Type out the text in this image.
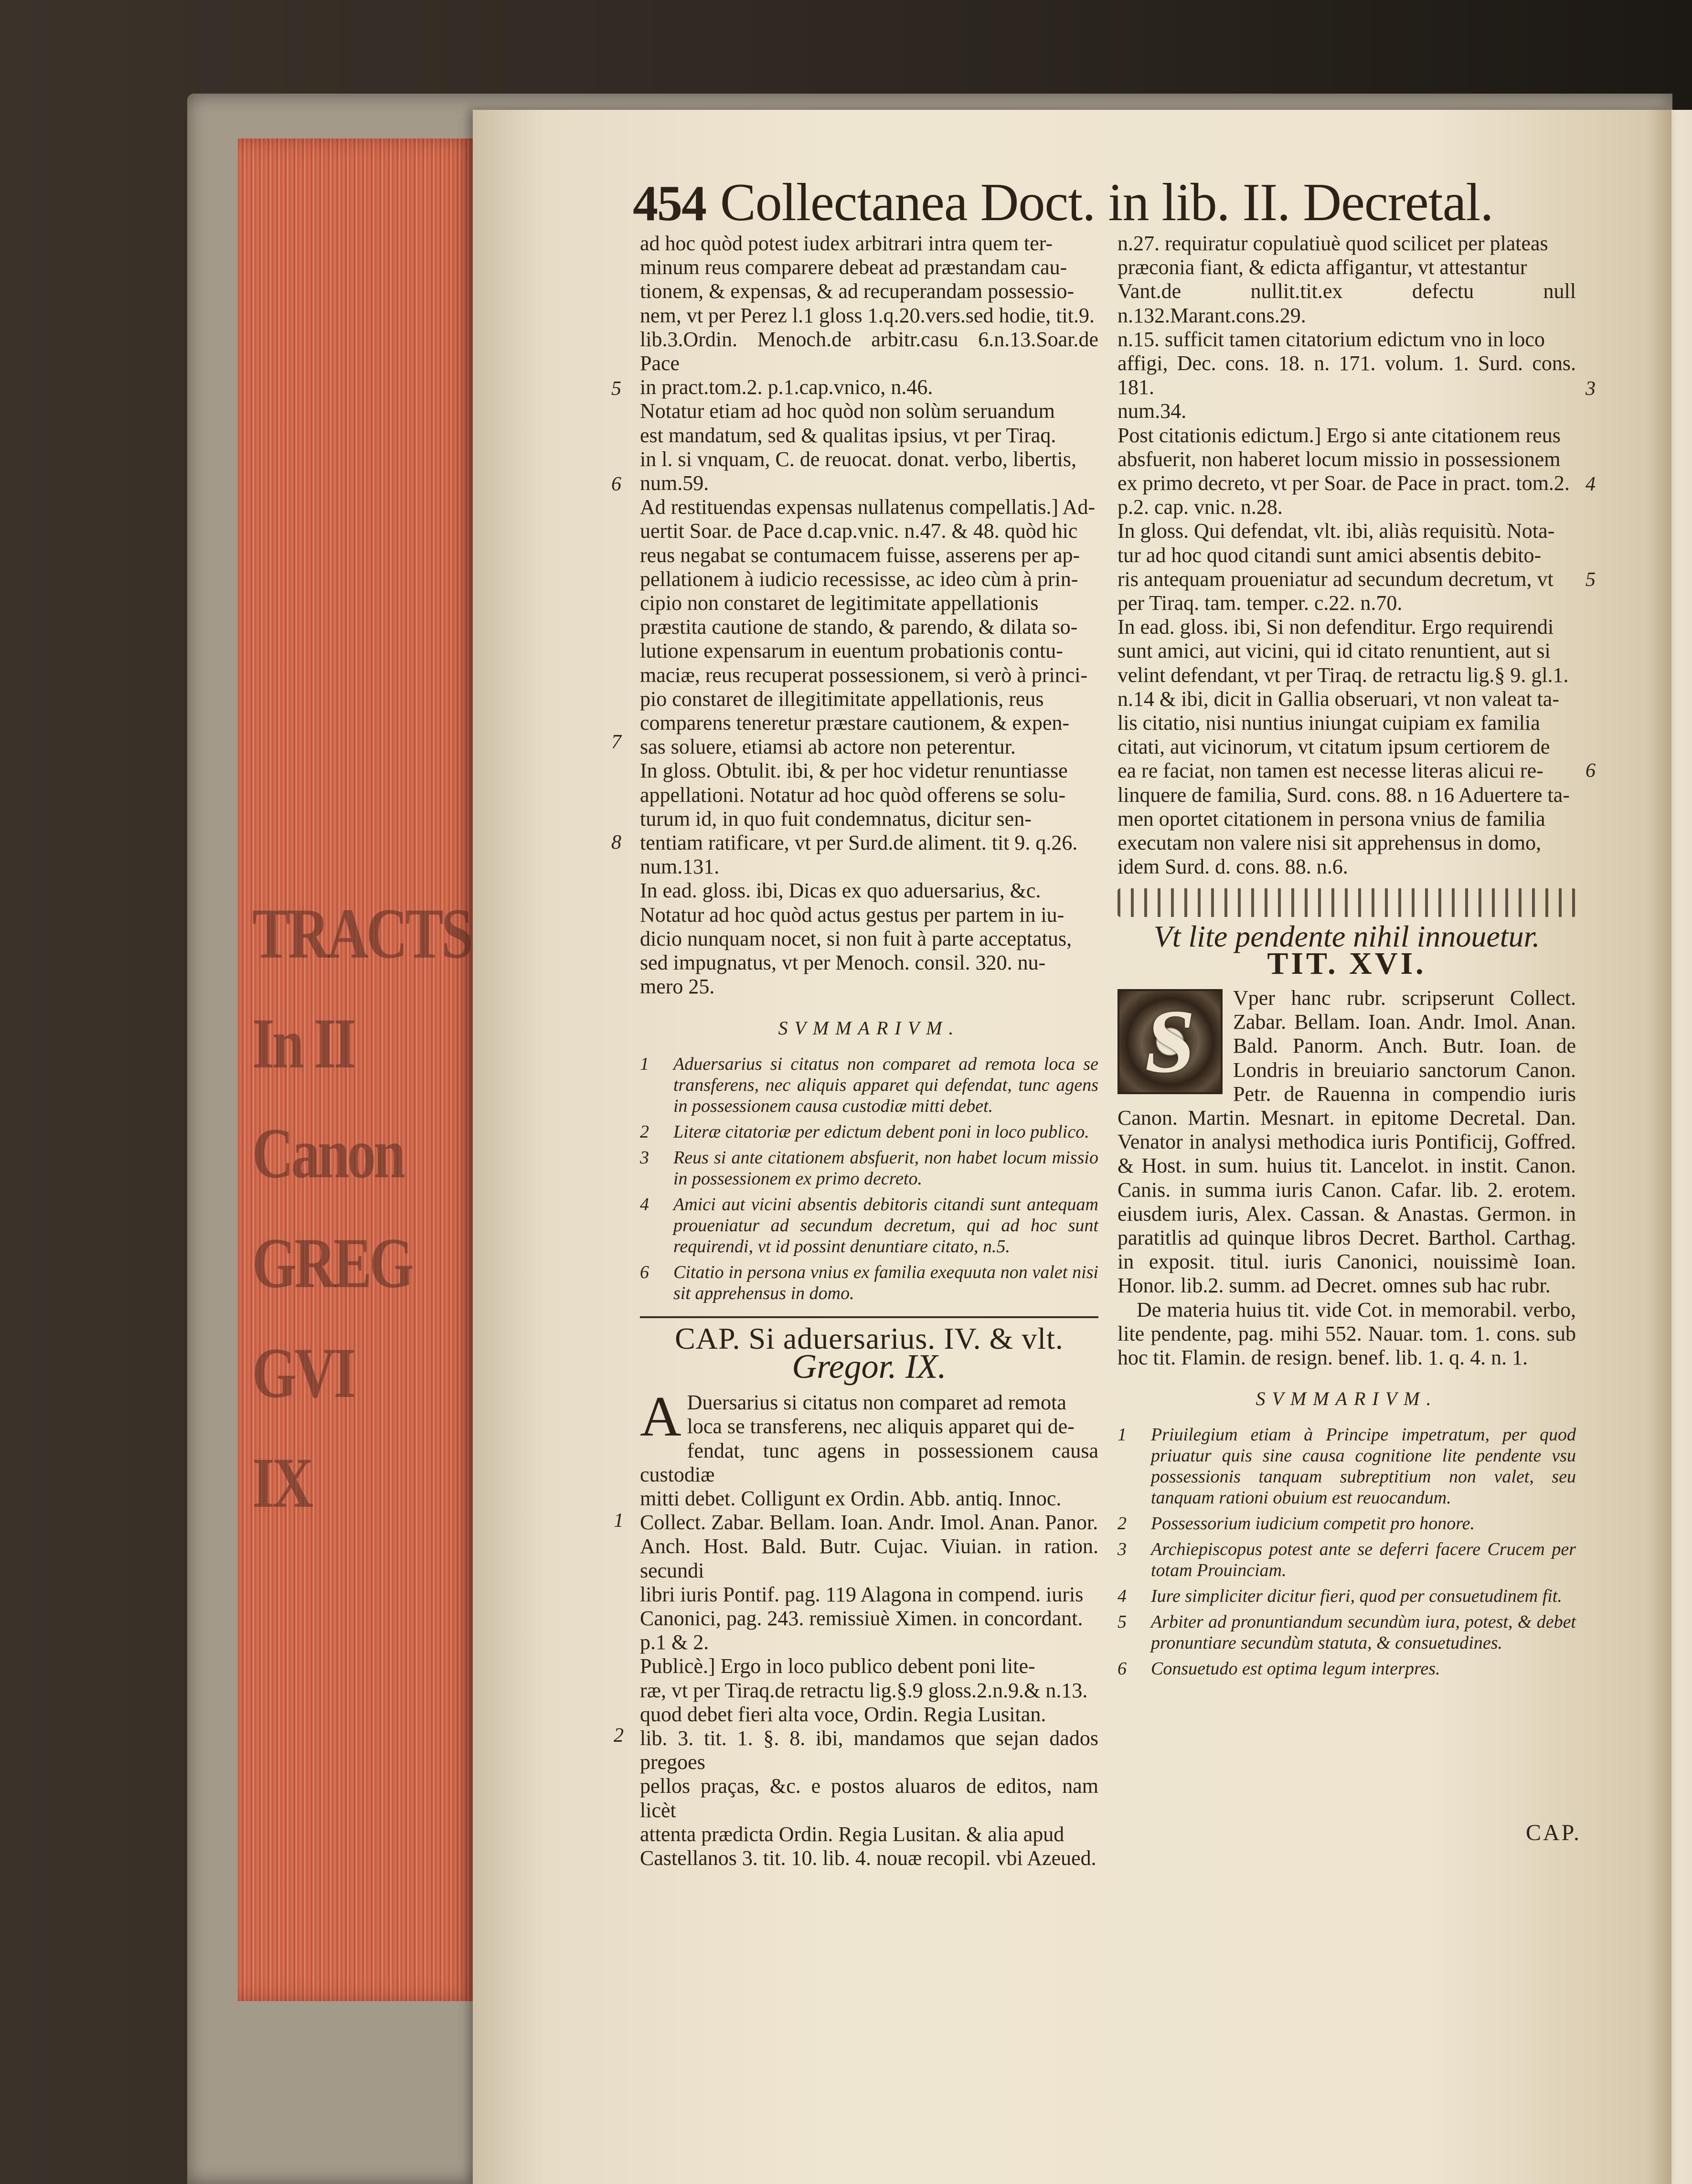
TRACTS
In II
Canon
GREG
GVI
IX
454 Collectanea Doct. in lib. II. Decretal.
ad hoc quòd potest iudex arbitrari intra quem ter-
minum reus comparere debeat ad præstandam cau-
tionem, & expensas, & ad recuperandam possessio-
nem, vt per Perez l.1 gloss 1.q.20.vers.sed hodie, tit.9.
lib.3.Ordin. Menoch.de arbitr.casu 6.n.13.Soar.de Pace
in pract.tom.2. p.1.cap.vnico, n.46.
Notatur etiam ad hoc quòd non solùm seruandum
est mandatum, sed & qualitas ipsius, vt per Tiraq.
in l. si vnquam, C. de reuocat. donat. verbo, libertis,
num.59.
Ad restituendas expensas nullatenus compellatis.] Ad-
uertit Soar. de Pace d.cap.vnic. n.47. & 48. quòd hic
reus negabat se contumacem fuisse, asserens per ap-
pellationem à iudicio recessisse, ac ideo cùm à prin-
cipio non constaret de legitimitate appellationis
præstita cautione de stando, & parendo, & dilata so-
lutione expensarum in euentum probationis contu-
maciæ, reus recuperat possessionem, si verò à princi-
pio constaret de illegitimitate appellationis, reus
comparens teneretur præstare cautionem, & expen-
sas soluere, etiamsi ab actore non peterentur.
In gloss. Obtulit. ibi, & per hoc videtur renuntiasse
appellationi. Notatur ad hoc quòd offerens se solu-
turum id, in quo fuit condemnatus, dicitur sen-
tentiam ratificare, vt per Surd.de aliment. tit 9. q.26.
num.131.
In ead. gloss. ibi, Dicas ex quo aduersarius, &c.
Notatur ad hoc quòd actus gestus per partem in iu-
dicio nunquam nocet, si non fuit à parte acceptatus,
sed impugnatus, vt per Menoch. consil. 320. nu-
mero 25.
SVMMARIVM.
1 Aduersarius si citatus non comparet ad remota loca se transferens, nec aliquis apparet qui defendat, tunc agens in possessionem causa custodiæ mitti debet.
2 Literæ citatoriæ per edictum debent poni in loco publico.
3 Reus si ante citationem absfuerit, non habet locum missio in possessionem ex primo decreto.
4 Amici aut vicini absentis debitoris citandi sunt antequam proueniatur ad secundum decretum, qui ad hoc sunt requirendi, vt id possint denuntiare citato, n.5.
6 Citatio in persona vnius ex familia exequuta non valet nisi sit apprehensus in domo.
CAP. Si aduersarius. IV. & vlt.
Gregor. IX.
A Duersarius si citatus non comparet ad remota
loca se transferens, nec aliquis apparet qui de-
fendat, tunc agens in possessionem causa custodiæ
mitti debet. Colligunt ex Ordin. Abb. antiq. Innoc.
Collect. Zabar. Bellam. Ioan. Andr. Imol. Anan. Panor.
Anch. Host. Bald. Butr. Cujac. Viuian. in ration. secundi
libri iuris Pontif. pag. 119 Alagona in compend. iuris
Canonici, pag. 243. remissiuè Ximen. in concordant.
p.1 & 2.
Publicè.] Ergo in loco publico debent poni lite-
ræ, vt per Tiraq.de retractu lig.§.9 gloss.2.n.9.& n.13.
quod debet fieri alta voce, Ordin. Regia Lusitan.
lib. 3. tit. 1. §. 8. ibi, mandamos que sejan dados pregoes
pellos praças, &c. e postos aluaros de editos, nam licèt
attenta prædicta Ordin. Regia Lusitan. & alia apud
Castellanos 3. tit. 10. lib. 4. nouæ recopil. vbi Azeued.
5
6
7
8
1
2
n.27. requiratur copulatiuè quod scilicet per plateas
præconia fiant, & edicta affigantur, vt attestantur
Vant.de nullit.tit.ex defectu null n.132.Marant.cons.29.
n.15. sufficit tamen citatorium edictum vno in loco
affigi, Dec. cons. 18. n. 171. volum. 1. Surd. cons. 181.
num.34.
Post citationis edictum.] Ergo si ante citationem reus
absfuerit, non haberet locum missio in possessionem
ex primo decreto, vt per Soar. de Pace in pract. tom.2.
p.2. cap. vnic. n.28.
In gloss. Qui defendat, vlt. ibi, aliàs requisitù. Nota-
tur ad hoc quod citandi sunt amici absentis debito-
ris antequam proueniatur ad secundum decretum, vt
per Tiraq. tam. temper. c.22. n.70.
In ead. gloss. ibi, Si non defenditur. Ergo requirendi
sunt amici, aut vicini, qui id citato renuntient, aut si
velint defendant, vt per Tiraq. de retractu lig.§ 9. gl.1.
n.14 & ibi, dicit in Gallia obseruari, vt non valeat ta-
lis citatio, nisi nuntius iniungat cuipiam ex familia
citati, aut vicinorum, vt citatum ipsum certiorem de
ea re faciat, non tamen est necesse literas alicui re-
linquere de familia, Surd. cons. 88. n 16 Aduertere ta-
men oportet citationem in persona vnius de familia
executam non valere nisi sit apprehensus in domo,
idem Surd. d. cons. 88. n.6.
Vt lite pendente nihil innouetur.
TIT. XVI.

S	Vper hanc rubr. scripserunt Collect. Zabar. Bellam. Ioan. Andr. Imol. Anan. Bald. Panorm. Anch. Butr. Ioan. de Londris in breuiario sanctorum Canon. Petr. de Rauenna in compendio iuris Canon. Martin. Mesnart. in epitome Decretal. Dan. Venator in analysi methodica iuris Pontificij, Goffred. & Host. in sum. huius tit. Lancelot. in instit. Canon. Canis. in summa iuris Canon. Cafar. lib. 2. erotem. eiusdem iuris, Alex. Cassan. & Anastas. Germon. in paratitlis ad quinque libros Decret. Barthol. Carthag. in exposit. titul. iuris Canonici, nouissimè Ioan. Honor. lib.2. summ. ad Decret. omnes sub hac rubr.

De materia huius tit. vide Cot. in memorabil. verbo, lite pendente, pag. mihi 552. Nauar. tom. 1. cons. sub hoc tit. Flamin. de resign. benef. lib. 1. q. 4. n. 1.

SVMMARIVM.
1 Priuilegium etiam à Principe impetratum, per quod priuatur quis sine causa cognitione lite pendente vsu possessionis tanquam subreptitium non valet, seu tanquam rationi obuium est reuocandum.
2 Possessorium iudicium competit pro honore.
3 Archiepiscopus potest ante se deferri facere Crucem per totam Prouinciam.
4 Iure simpliciter dicitur fieri, quod per consuetudinem fit.
5 Arbiter ad pronuntiandum secundùm iura, potest, & debet pronuntiare secundùm statuta, & consuetudines.
6 Consuetudo est optima legum interpres.
3
4
5
6
CAP.
